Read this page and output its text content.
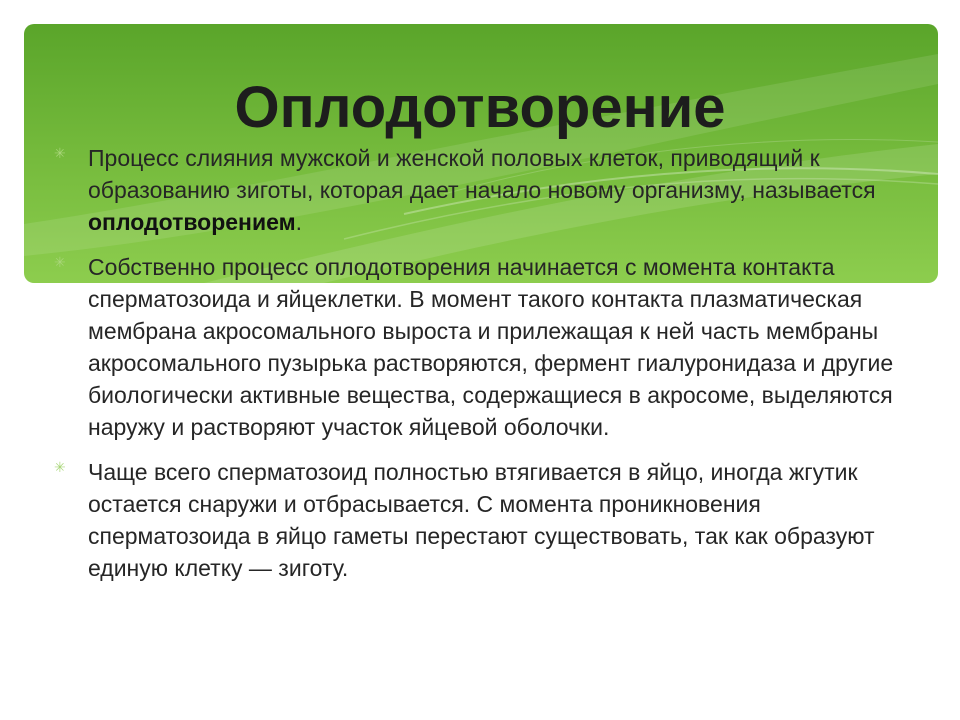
Оплодотворение
✳ Процесс слияния мужской и женской половых клеток, приводящий к образованию зиготы, которая дает начало новому организму, называется оплодотворением.

✳ Собственно процесс оплодотворения начинается с момента контакта сперматозоида и яйцеклетки. В момент такого контакта плазматическая мембрана акросомального выроста и прилежащая к ней часть мембраны акросомального пузырька растворяются, фермент гиалуронидаза и другие биологически активные вещества, содержащиеся в акросоме, выделяются наружу и растворяют участок яйцевой оболочки.

✳ Чаще всего сперматозоид полностью втягивается в яйцо, иногда жгутик остается снаружи и отбрасывается. С момента проникновения сперматозоида в яйцо гаметы перестают существовать, так как образуют единую клетку — зиготу.
